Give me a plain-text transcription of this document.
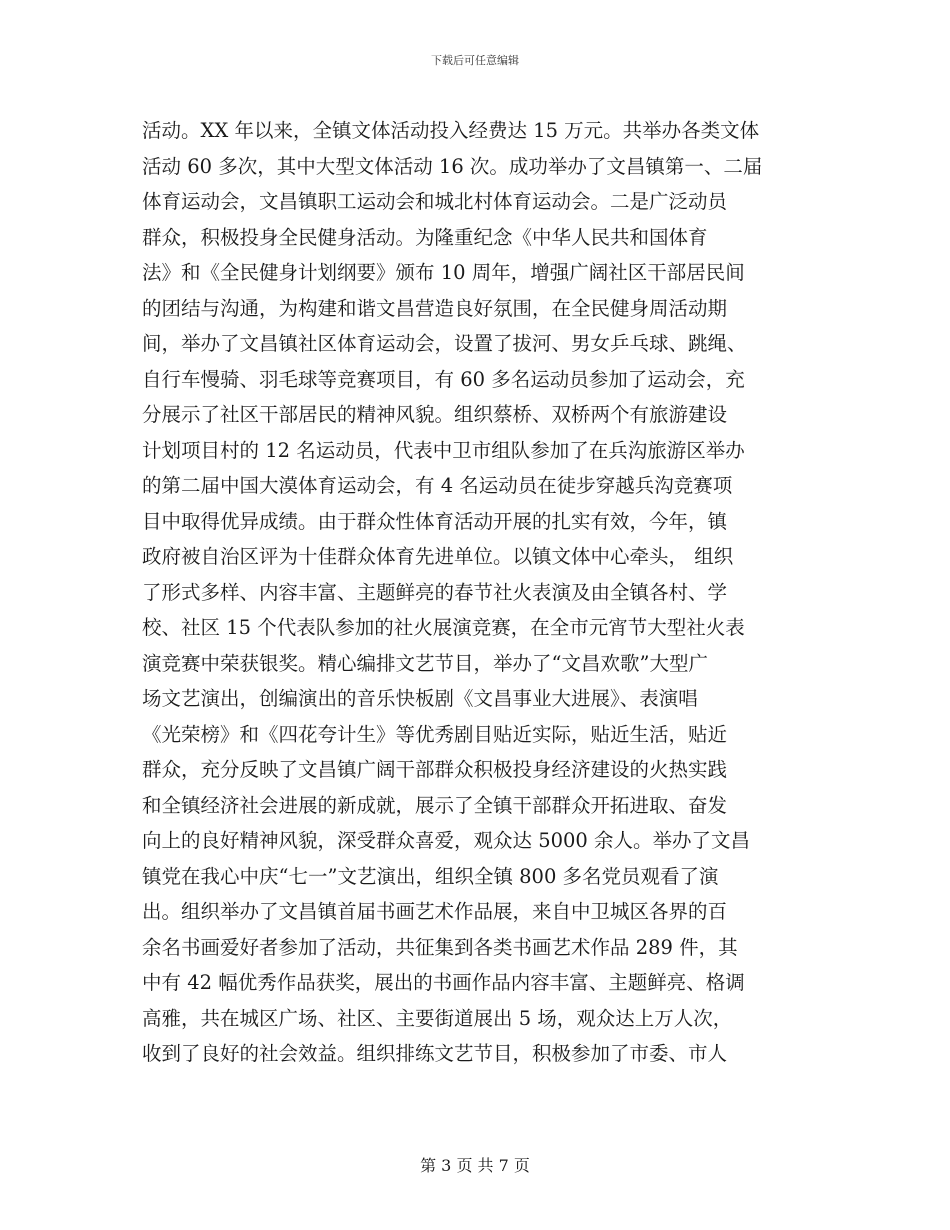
下载后可任意编辑
活动。XX 年以来，全镇文体活动投入经费达 15 万元。共举办各类文体
活动 60 多次，其中大型文体活动 16 次。成功举办了文昌镇第一、二届
体育运动会，文昌镇职工运动会和城北村体育运动会。二是广泛动员
群众，积极投身全民健身活动。为隆重纪念《中华人民共和国体育
法》和《全民健身计划纲要》颁布 10 周年，增强广阔社区干部居民间
的团结与沟通，为构建和谐文昌营造良好氛围，在全民健身周活动期
间，举办了文昌镇社区体育运动会，设置了拔河、男女乒乓球、跳绳、
自行车慢骑、羽毛球等竞赛项目，有 60 多名运动员参加了运动会，充
分展示了社区干部居民的精神风貌。组织蔡桥、双桥两个有旅游建设
计划项目村的 12 名运动员，代表中卫市组队参加了在兵沟旅游区举办
的第二届中国大漠体育运动会，有 4 名运动员在徒步穿越兵沟竞赛项
目中取得优异成绩。由于群众性体育活动开展的扎实有效，今年，镇
政府被自治区评为十佳群众体育先进单位。以镇文体中心牵头， 组织
了形式多样、内容丰富、主题鲜亮的春节社火表演及由全镇各村、学
校、社区 15 个代表队参加的社火展演竞赛，在全市元宵节大型社火表
演竞赛中荣获银奖。精心编排文艺节目，举办了“文昌欢歌”大型广
场文艺演出，创编演出的音乐快板剧《文昌事业大进展》、表演唱
《光荣榜》和《四花夸计生》等优秀剧目贴近实际，贴近生活，贴近
群众，充分反映了文昌镇广阔干部群众积极投身经济建设的火热实践
和全镇经济社会进展的新成就，展示了全镇干部群众开拓进取、奋发
向上的良好精神风貌，深受群众喜爱，观众达 5000 余人。举办了文昌
镇党在我心中庆“七一”文艺演出，组织全镇 800 多名党员观看了演
出。组织举办了文昌镇首届书画艺术作品展，来自中卫城区各界的百
余名书画爱好者参加了活动，共征集到各类书画艺术作品 289 件，其
中有 42 幅优秀作品获奖，展出的书画作品内容丰富、主题鲜亮、格调
高雅，共在城区广场、社区、主要街道展出 5 场，观众达上万人次，
收到了良好的社会效益。组织排练文艺节目，积极参加了市委、市人
第 3 页 共 7 页
